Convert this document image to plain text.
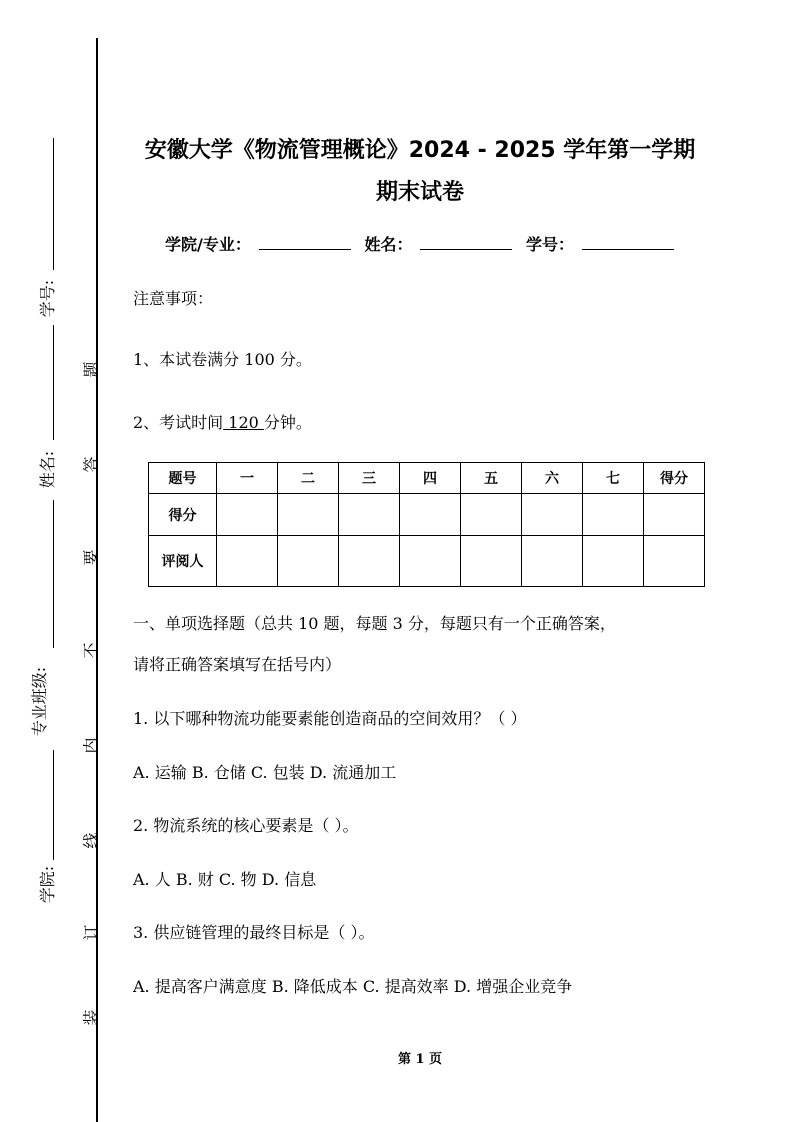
学号:
姓名:
专业班级:
学院:
题
答
要
不
内
线
订
装
安徽大学《物流管理概论》2024 - 2025 学年第一学期
期末试卷
学院/专业：	姓名：	学号：
注意事项：
1、本试卷满分 100 分。
2、考试时间 120 分钟。
题号	一	二	三	四	五	六	七	得分
得分								
评阅人								
一、单项选择题（总共 10 题，每题 3 分，每题只有一个正确答案，
请将正确答案填写在括号内）
1. 以下哪种物流功能要素能创造商品的空间效用？（ ）
A. 运输 B. 仓储 C. 包装 D. 流通加工
2. 物流系统的核心要素是（ ）。
A. 人 B. 财 C. 物 D. 信息
3. 供应链管理的最终目标是（ ）。
A. 提高客户满意度 B. 降低成本 C. 提高效率 D. 增强企业竞争
第 1 页
